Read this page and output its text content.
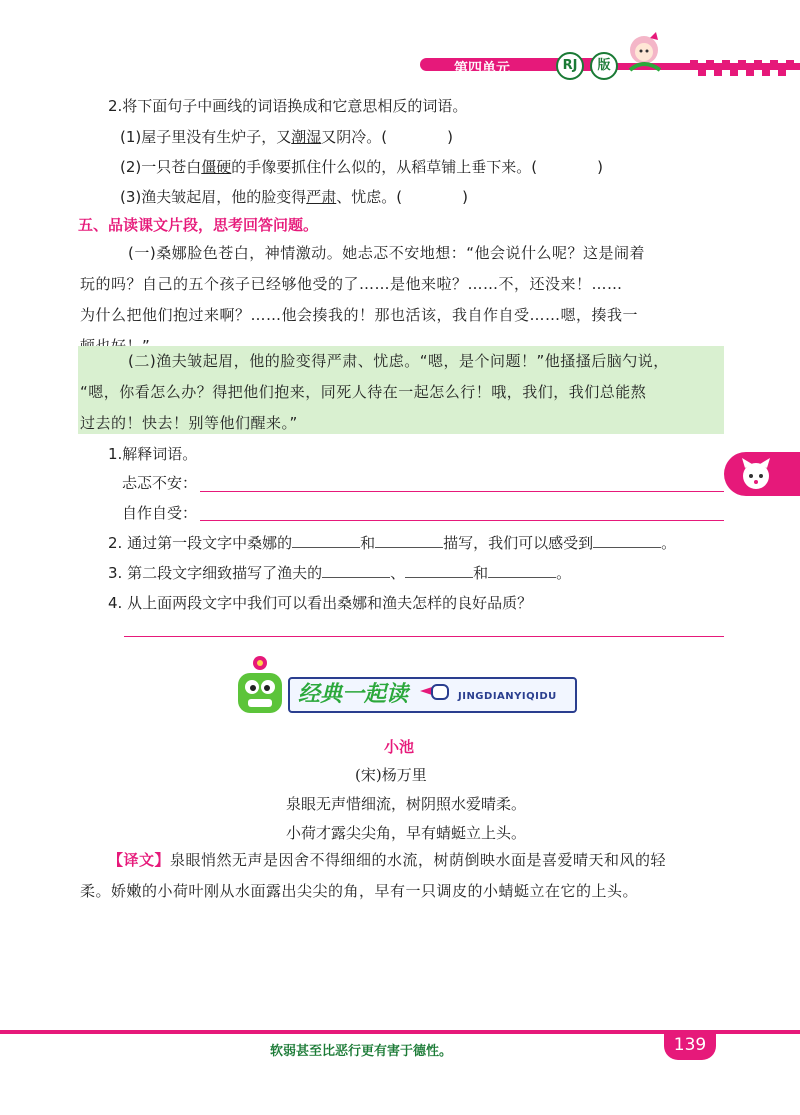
第四单元	RJ	版
2.将下面句子中画线的词语换成和它意思相反的词语。
(1)屋子里没有生炉子，又潮湿又阴冷。(	)
(2)一只苍白僵硬的手像要抓住什么似的，从稻草铺上垂下来。(	)
(3)渔夫皱起眉，他的脸变得严肃、忧虑。(	)
五、品读课文片段，思考回答问题。
(一)桑娜脸色苍白，神情激动。她忐忑不安地想：“他会说什么呢？这是闹着
玩的吗？自己的五个孩子已经够他受的了……是他来啦？……不，还没来！……
为什么把他们抱过来啊？……他会揍我的！那也活该，我自作自受……嗯，揍我一
(二)渔夫皱起眉，他的脸变得严肃、忧虑。“嗯，是个问题！”他搔搔后脑勺说，
“嗯，你看怎么办？得把他们抱来，同死人待在一起怎么行！哦，我们，我们总能熬
过去的！快去！别等他们醒来。”
1.解释词语。
忐忑不安：
自作自受：
2. 通过第一段文字中桑娜的	和	描写，我们可以感受到	。
3. 第二段文字细致描写了渔夫的	、	和	。
4. 从上面两段文字中我们可以看出桑娜和渔夫怎样的良好品质？
经典一起读	JINGDIANYIQIDU
小池
(宋)杨万里
泉眼无声惜细流，树阴照水爱晴柔。
小荷才露尖尖角，早有蜻蜓立上头。
【译文】泉眼悄然无声是因舍不得细细的水流，树荫倒映水面是喜爱晴天和风的轻
柔。娇嫩的小荷叶刚从水面露出尖尖的角，早有一只调皮的小蜻蜓立在它的上头。
软弱甚至比恶行更有害于德性。	139
